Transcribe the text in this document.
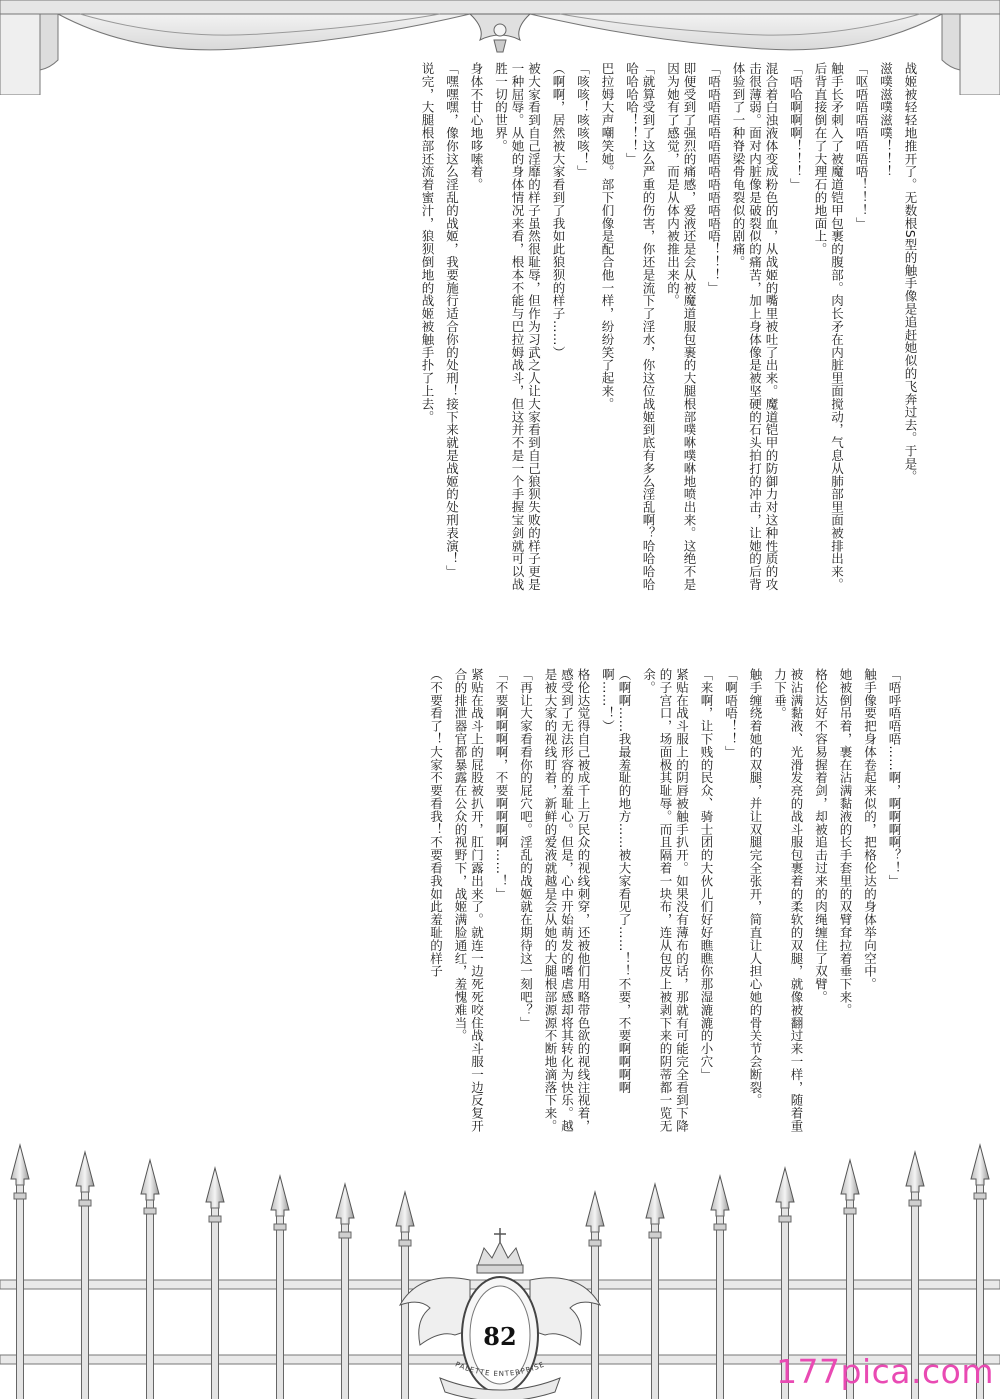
战姬被轻轻地推开了。无数根S型的触手像是追赶她似的飞奔过去。于是。
滋噗滋噗滋噗！！！
「呕唔唔唔唔唔唔唔！！！」
触手长矛刺入了被魔道铠甲包裹的腹部。肉长矛在内脏里面搅动，气息从肺部里面被排出来。后背直接倒在了大理石的地面上。
「唔哈啊啊啊！！！」
混合着白浊液体变成粉色的血，从战姬的嘴里被吐了出来。魔道铠甲的防御力对这种性质的攻击很薄弱。面对内脏像是破裂似的痛苦，加上身体像是被坚硬的石头拍打的冲击，让她的后背体验到了一种脊梁骨龟裂似的剧痛。
「唔唔唔唔唔唔唔唔唔唔唔唔唔！！！」
即便受到了强烈的痛感，爱液还是会从被魔道服包裹的大腿根部噗咻噗咻地喷出来。这绝不是因为她有了感觉，而是从体内被推出来的。
「就算受到了这么严重的伤害，你还是流下了淫水，你这位战姬到底有多么淫乱啊？哈哈哈哈哈哈哈哈！！！」
巴拉姆大声嘲笑她。部下们像是配合他一样，纷纷笑了起来。
「咳咳！咳咳咳！」
（啊啊，居然被大家看到了我如此狼狈的样子……）
被大家看到自己淫靡的样子虽然很耻辱，但作为习武之人让大家看到自己狼狈失败的样子更是一种屈辱。从她的身体情况来看，根本不能与巴拉姆战斗，但这并不是一个手握宝剑就可以战胜一切的世界。
身体不甘心地哆嗦着。
「嘿嘿嘿，像你这么淫乱的战姬，我要施行适合你的处刑！接下来就是战姬的处刑表演！」
说完，大腿根部还流着蜜汁，狼狈倒地的战姬被触手扑了上去。
「唔呼唔唔唔……啊，啊啊啊啊？！」
触手像要把身体卷起来似的，把格伦达的身体举向空中。
她被倒吊着，裹在沾满黏液的长手套里的双臂耷拉着垂下来。
格伦达好不容易握着剑，却被追击过来的肉绳缠住了双臂。
被沾满黏液、光滑发亮的战斗服包裹着的柔软的双腿，就像被翻过来一样，随着重力下垂。
触手缠绕着她的双腿，并让双腿完全张开，简直让人担心她的骨关节会断裂。
「啊唔唔！！」
「来啊，让下贱的民众、骑士团的大伙儿们好好瞧瞧你那湿漉漉的小穴」
紧贴在战斗服上的阴唇被触手扒开。如果没有薄布的话，那就有可能完全看到下降的子宫口，场面极其耻辱。而且隔着一块布，连从包皮上被剥下来的阴蒂都一览无余。
（啊啊……我最羞耻的地方……被大家看见了……！！不要，不要啊啊啊啊啊……！）
格伦达觉得自己被成千上万民众的视线刺穿，还被他们用略带色欲的视线注视着，感受到了无法形容的羞耻心。但是，心中开始萌发的嗜虐感却将其转化为快乐。越是被大家的视线盯着，新鲜的爱液就越是会从她的大腿根部源源不断地滴落下来。
「再让大家看看你的屁穴吧。淫乱的战姬就在期待这一刻吧？」
「不要啊啊啊啊，不要啊啊啊啊……！」
紧贴在战斗上的屁股被扒开，肛门露出来了。就连一边死死咬住战斗服一边反复开合的排泄器官都暴露在公众的视野下，战姬满脸通红，羞愧难当。
（不要看了！大家不要看我！不要看我如此羞耻的样子
82
PALETTE ENTERPRISE	177pica.com
